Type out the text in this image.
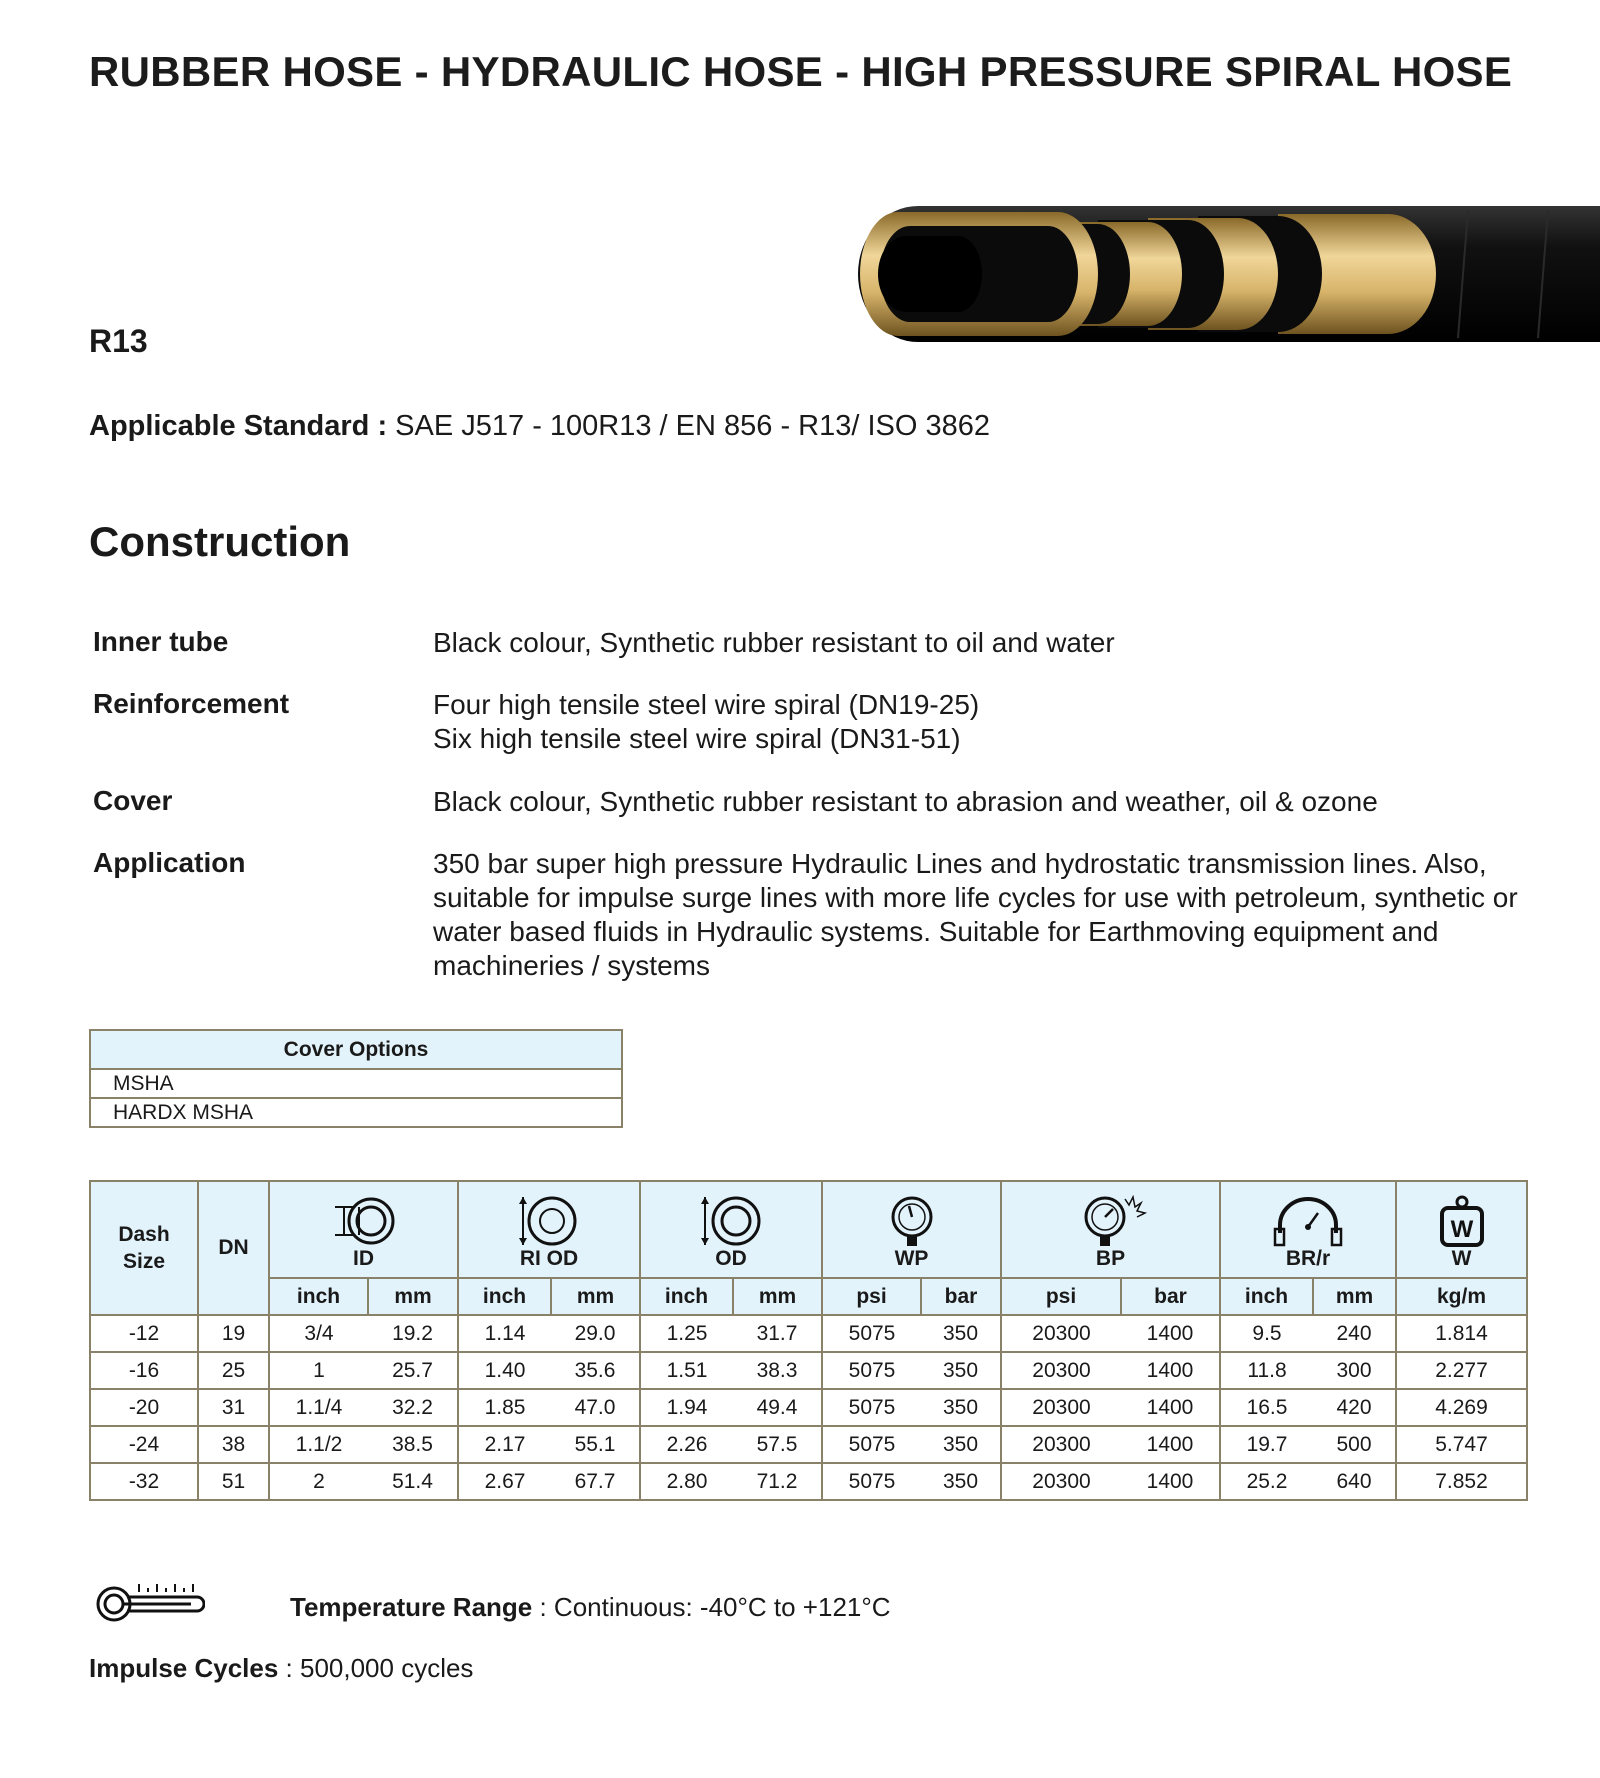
RUBBER HOSE - HYDRAULIC HOSE - HIGH PRESSURE SPIRAL HOSE
R13
Applicable Standard : SAE J517 - 100R13 / EN 856 - R13/ ISO 3862
Construction
Inner tube	Black colour, Synthetic rubber resistant to oil and water
Reinforcement	Four high tensile steel wire spiral (DN19-25)
Six high tensile steel wire spiral (DN31-51)
Cover	Black colour, Synthetic rubber resistant to abrasion and weather, oil & ozone
Application	350 bar super high pressure Hydraulic Lines and hydrostatic transmission lines. Also,
suitable for impulse surge lines with more life cycles for use with petroleum, synthetic or
water based fluids in Hydraulic systems. Suitable for Earthmoving equipment and
machineries / systems
Cover Options
MSHA
HARDX MSHA
Dash Size	DN	ID		RI OD		OD		WP		BP		BR/r		W
W

		inch	mm	inch	mm	inch	mm	psi	bar	psi	bar	inch	mm	kg/m
-12	19	3/4	19.2	1.14	29.0	1.25	31.7	5075	350	20300	1400	9.5	240	1.814
-16	25	1	25.7	1.40	35.6	1.51	38.3	5075	350	20300	1400	11.8	300	2.277
-20	31	1.1/4	32.2	1.85	47.0	1.94	49.4	5075	350	20300	1400	16.5	420	4.269
-24	38	1.1/2	38.5	2.17	55.1	2.26	57.5	5075	350	20300	1400	19.7	500	5.747
-32	51	2	51.4	2.67	67.7	2.80	71.2	5075	350	20300	1400	25.2	640	7.852
Temperature Range : Continuous: -40°C to +121°C
Impulse Cycles : 500,000 cycles
